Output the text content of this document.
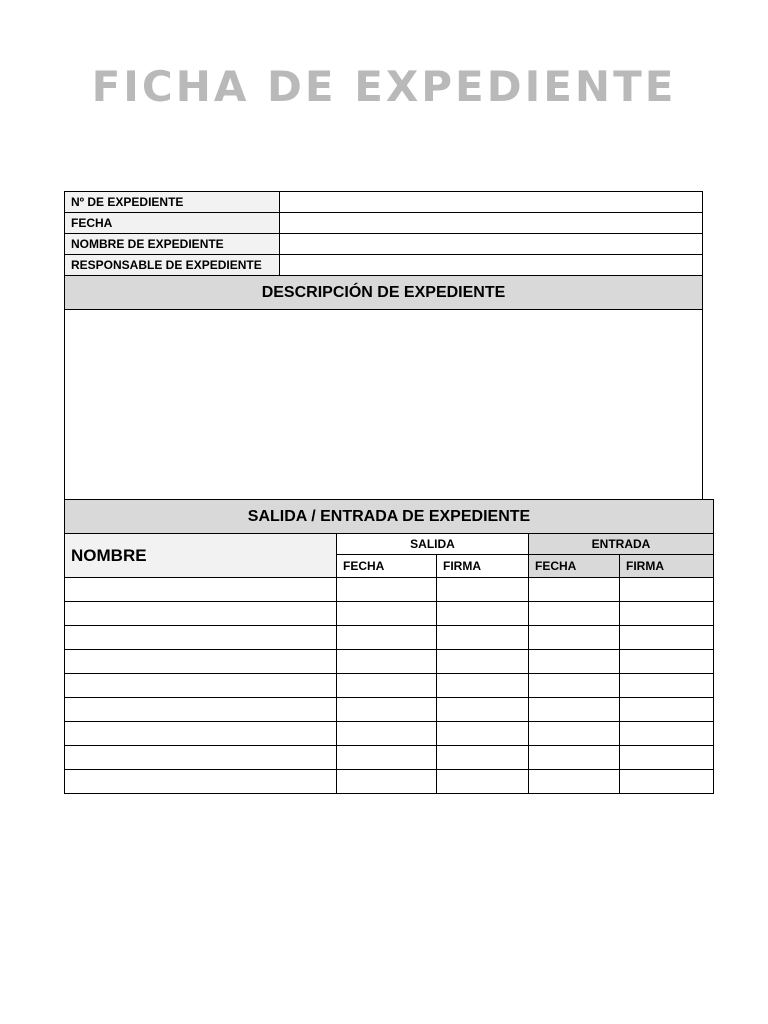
FICHA DE EXPEDIENTE
Nº DE EXPEDIENTE	
FECHA	
NOMBRE DE EXPEDIENTE	
RESPONSABLE DE EXPEDIENTE	
DESCRIPCIÓN DE EXPEDIENTE	

SALIDA / ENTRADA DE EXPEDIENTE				
NOMBRE	SALIDA		ENTRADA	
	FECHA	FIRMA	FECHA	FIRMA
